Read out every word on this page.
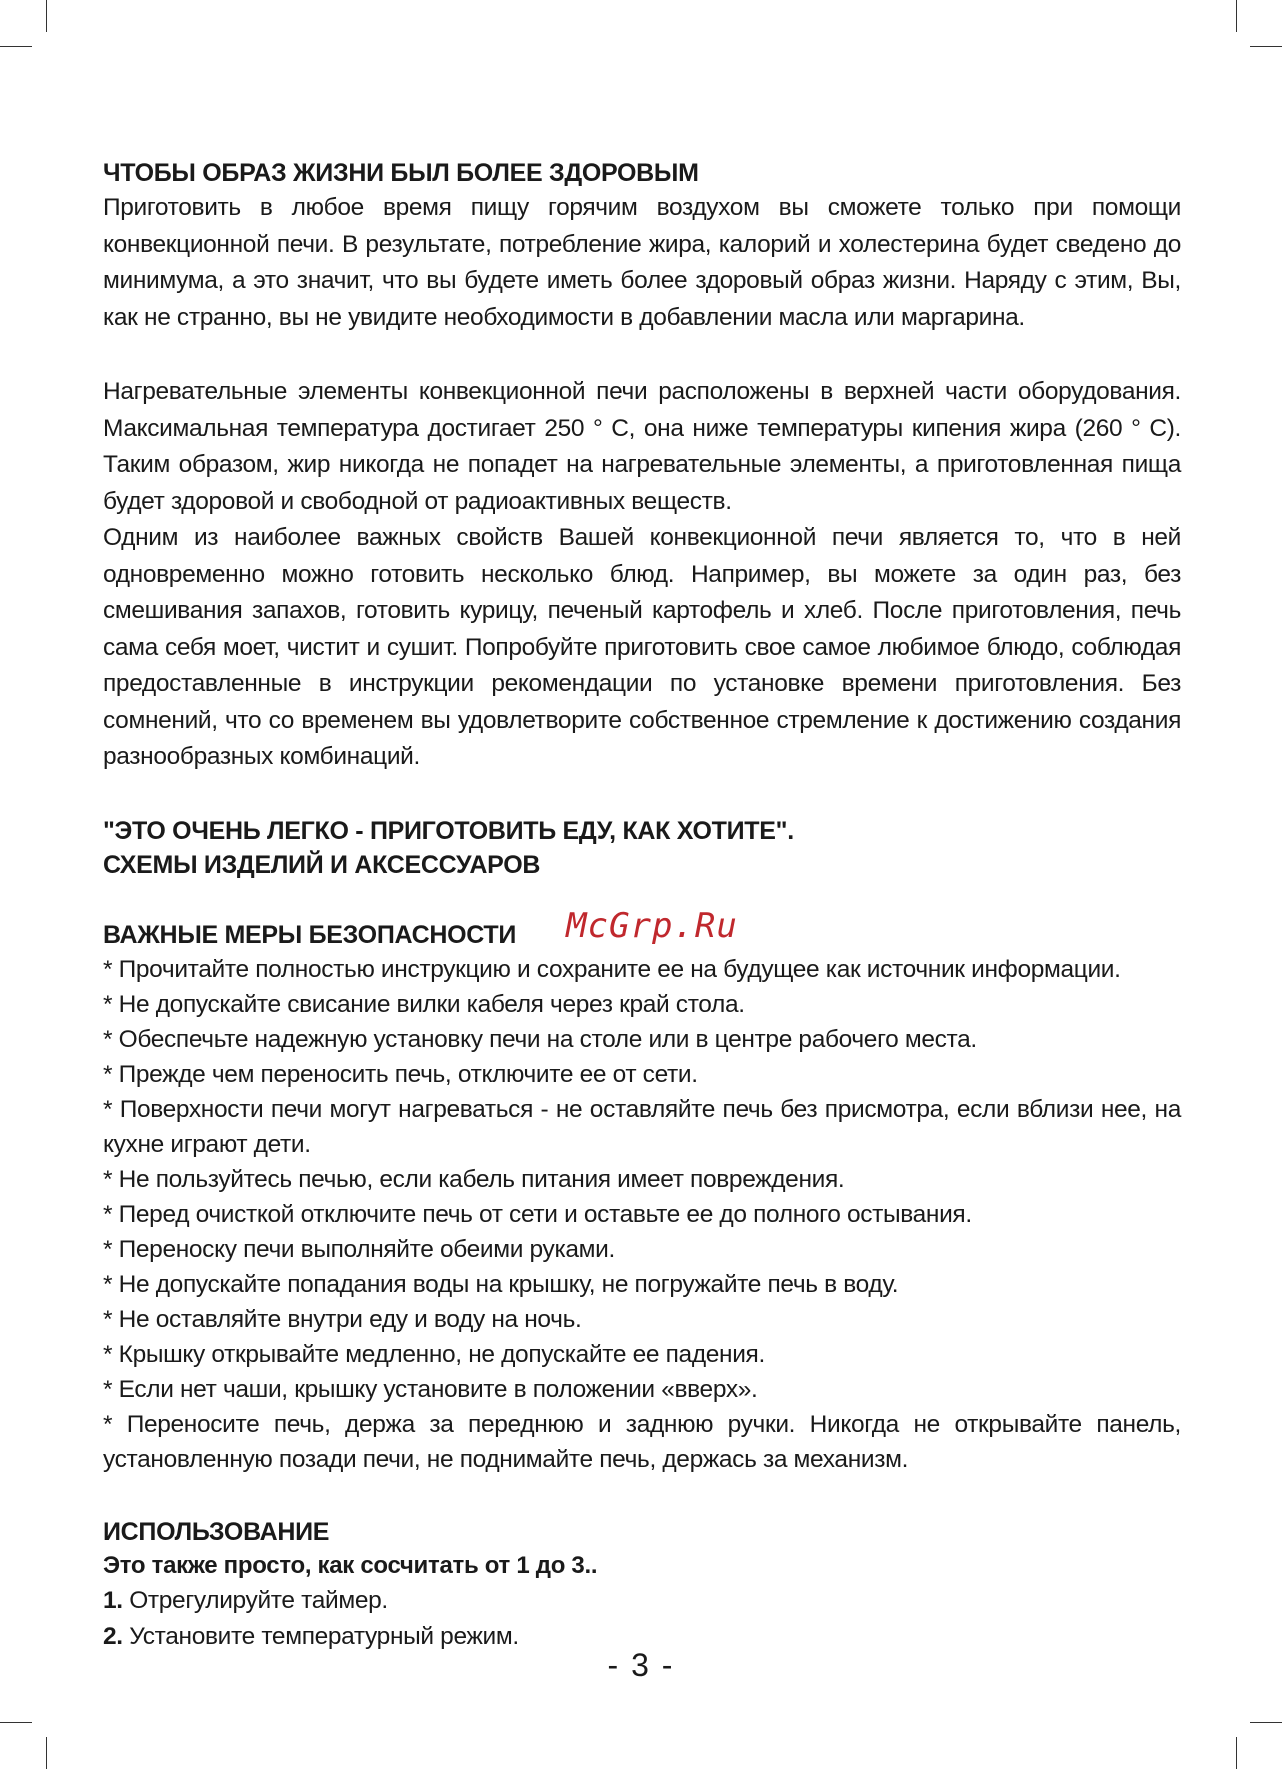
ЧТОБЫ ОБРАЗ ЖИЗНИ БЫЛ БОЛЕЕ ЗДОРОВЫМ

Приготовить в любое время пищу горячим воздухом вы сможете только при помощи конвекционной печи. В результате, потребление жира, калорий и холестерина будет сведено до минимума, а это значит, что вы будете иметь более здоровый образ жизни. Наряду с этим, Вы, как не странно, вы не увидите необходимости в добавлении масла или маргарина.

Нагревательные элементы конвекционной печи расположены в верхней части оборудования. Максимальная температура достигает 250 ° С, она ниже температуры кипения жира (260 ° С). Таким образом, жир никогда не попадет на нагревательные элементы, а приготовленная пища будет здоровой и свободной от радиоактивных веществ.

Одним из наиболее важных свойств Вашей конвекционной печи является то, что в ней одновременно можно готовить несколько блюд. Например, вы можете за один раз, без смешивания запахов, готовить курицу, печеный картофель и хлеб. После приготовления, печь сама себя моет, чистит и сушит. Попробуйте приготовить свое самое любимое блюдо, соблюдая предоставленные в инструкции рекомендации по установке времени приготовления. Без сомнений, что со временем вы удовлетворите собственное стремление к достижению создания разнообразных комбинаций.

"ЭТО ОЧЕНЬ ЛЕГКО - ПРИГОТОВИТЬ ЕДУ, КАК ХОТИТЕ".
СХЕМЫ ИЗДЕЛИЙ И АКСЕССУАРОВ
ВАЖНЫЕ МЕРЫ БЕЗОПАСНОСТИ McGrp.Ru

* Прочитайте полностью инструкцию и сохраните ее на будущее как источник информации.

* Не допускайте свисание вилки кабеля через край стола.

* Обеспечьте надежную установку печи на столе или в центре рабочего места.

* Прежде чем переносить печь, отключите ее от сети.

* Поверхности печи могут нагреваться - не оставляйте печь без присмотра, если вблизи нее, на кухне играют дети.

* Не пользуйтесь печью, если кабель питания имеет повреждения.

* Перед очисткой отключите печь от сети и оставьте ее до полного остывания.

* Переноску печи выполняйте обеими руками.

* Не допускайте попадания воды на крышку, не погружайте печь в воду.

* Не оставляйте внутри еду и воду на ночь.

* Крышку открывайте медленно, не допускайте ее падения.

* Если нет чаши, крышку установите в положении «вверх».

* Переносите печь, держа за переднюю и заднюю ручки. Никогда не открывайте панель, установленную позади печи, не поднимайте печь, держась за механизм.

ИСПОЛЬЗОВАНИЕ
Это также просто, как сосчитать от 1 до 3..

1. Отрегулируйте таймер.

2. Установите температурный режим.

- 3 -
